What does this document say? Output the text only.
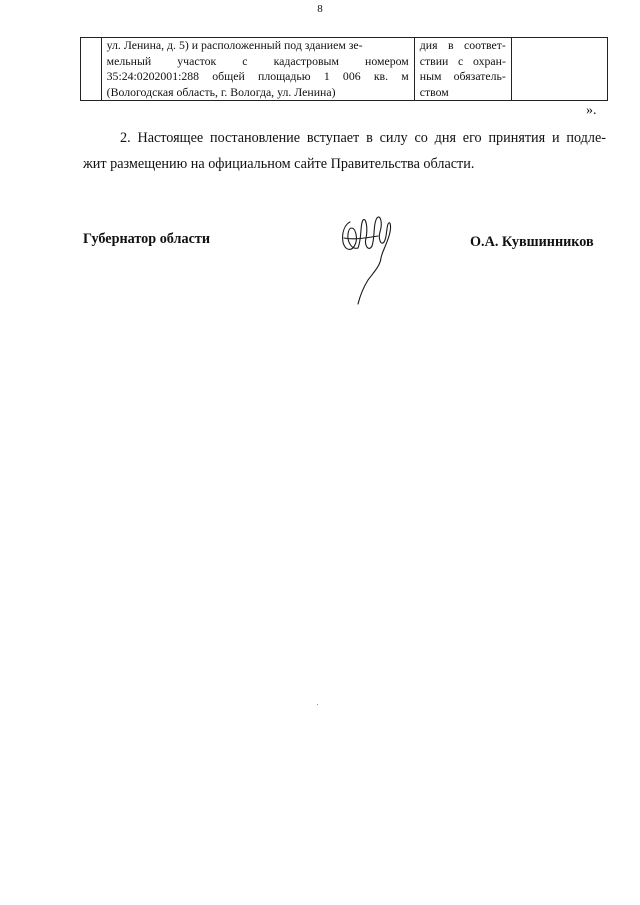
8

ул. Ленина, д. 5) и расположенный под зданием зе-
мельный участок с кадастровым номером
35:24:0202001:288 общей площадью 1 006 кв. м
(Вологодская область, г. Вологда, ул. Ленина)

дия в соответ-
ствии с охран-
ным обязатель-
ством

».
2. Настоящее постановление вступает в силу со дня его принятия и подле-
жит размещению на официальном сайте Правительства области.
Губернатор области	О.А. Кувшинников
